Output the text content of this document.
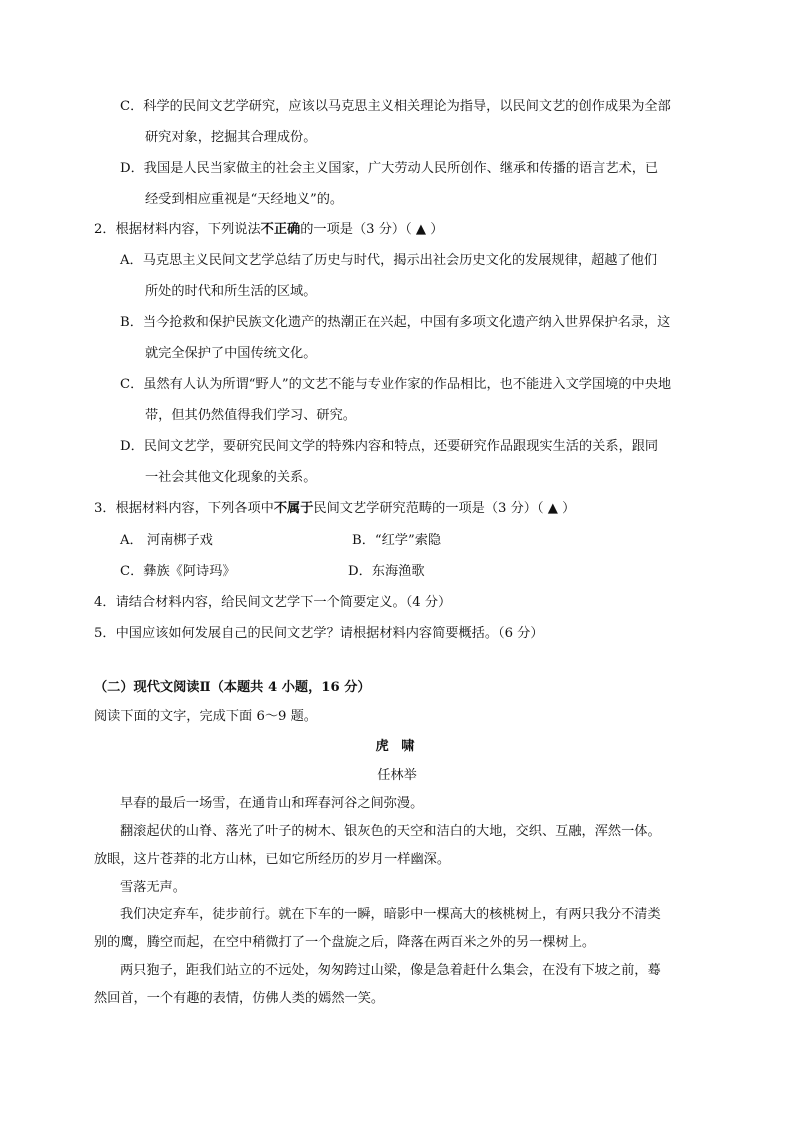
C．科学的民间文艺学研究，应该以马克思主义相关理论为指导，以民间文艺的创作成果为全部
研究对象，挖掘其合理成份。
D．我国是人民当家做主的社会主义国家，广大劳动人民所创作、继承和传播的语言艺术，已
经受到相应重视是“天经地义”的。
2．根据材料内容，下列说法不正确的一项是（3 分）（ ▲ ）
A．马克思主义民间文艺学总结了历史与时代，揭示出社会历史文化的发展规律，超越了他们
所处的时代和所生活的区域。
B．当今抢救和保护民族文化遗产的热潮正在兴起，中国有多项文化遗产纳入世界保护名录，这
就完全保护了中国传统文化。
C．虽然有人认为所谓“野人”的文艺不能与专业作家的作品相比，也不能进入文学国境的中央地
带，但其仍然值得我们学习、研究。
D．民间文艺学，要研究民间文学的特殊内容和特点，还要研究作品跟现实生活的关系，跟同
一社会其他文化现象的关系。
3．根据材料内容，下列各项中不属于民间文艺学研究范畴的一项是（3 分）（ ▲ ）
A． 河南梆子戏	B．“红学”索隐
C．彝族《阿诗玛》	D．东海渔歌
4．请结合材料内容，给民间文艺学下一个简要定义。（4 分）
5．中国应该如何发展自己的民间文艺学？请根据材料内容简要概括。（6 分）
（二）现代文阅读Ⅱ（本题共 4 小题，16 分）
阅读下面的文字，完成下面 6～9 题。
虎 啸
任林举
早春的最后一场雪，在通肯山和珲春河谷之间弥漫。
翻滚起伏的山脊、落光了叶子的树木、银灰色的天空和洁白的大地，交织、互融，浑然一体。
放眼，这片苍莽的北方山林，已如它所经历的岁月一样幽深。
雪落无声。
我们决定弃车，徒步前行。就在下车的一瞬，暗影中一棵高大的核桃树上，有两只我分不清类
别的鹰，腾空而起，在空中稍微打了一个盘旋之后，降落在两百米之外的另一棵树上。
两只狍子，距我们站立的不远处，匆匆跨过山梁，像是急着赶什么集会，在没有下坡之前，蓦
然回首，一个有趣的表情，仿佛人类的嫣然一笑。
